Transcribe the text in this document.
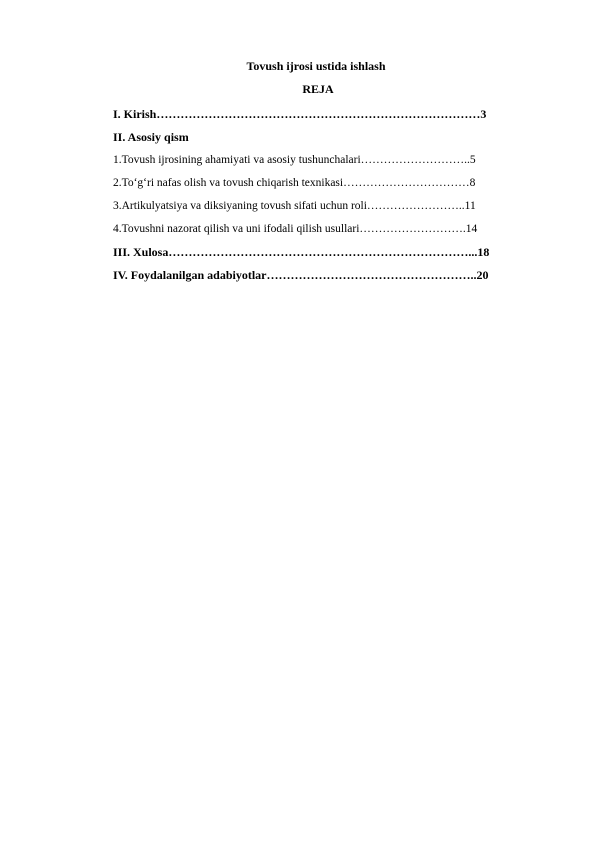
Tovush ijrosi ustida ishlash
REJA
I. Kirish………………………………………………………………………3
II. Asosiy qism
1.Tovush ijrosining ahamiyati va asosiy tushunchalari………………………..5
2.To‘g‘ri nafas olish va tovush chiqarish texnikasi……………………………8
3.Artikulyatsiya va diksiyaning tovush sifati uchun roli……………………..11
4.Tovushni nazorat qilish va uni ifodali qilish usullari……………………….14
III. Xulosa…………………………………………………………………...18
IV. Foydalanilgan adabiyotlar……………………………………………..20
